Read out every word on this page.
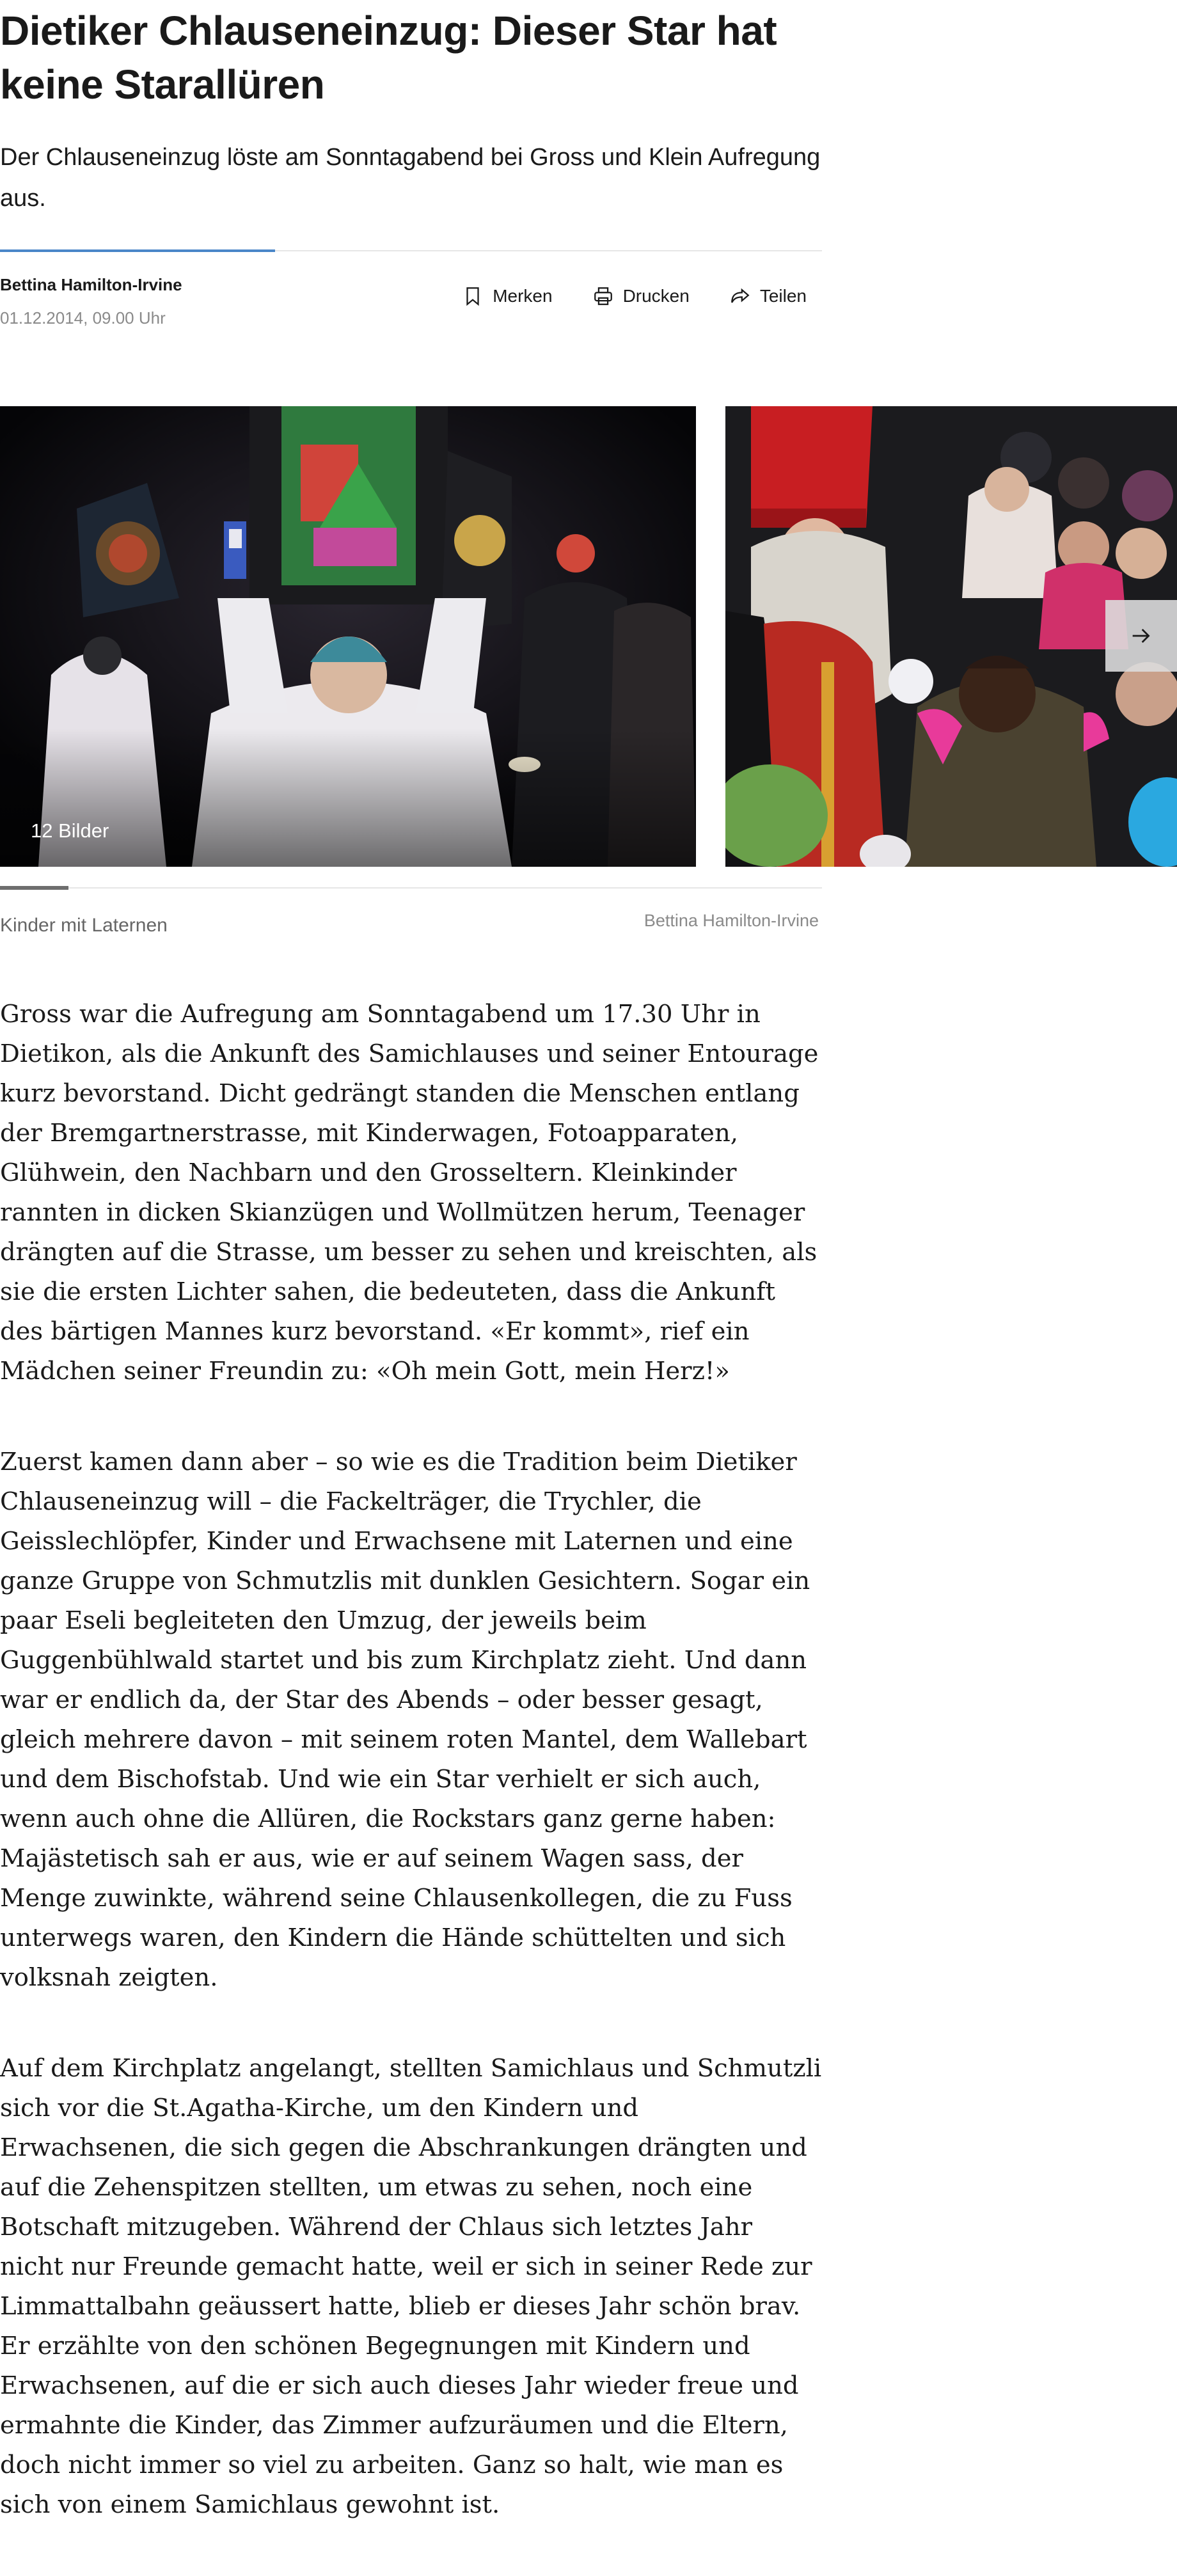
Dietiker Chlauseneinzug: Dieser Star hat keine Starallüren

Der Chlauseneinzug löste am Sonntagabend bei Gross und Klein Aufregung aus.

Bettina Hamilton-Irvine
01.12.2014, 09.00 Uhr
Merken	Drucken	Teilen
12 Bilder
Kinder mit Laternen	Bettina Hamilton-Irvine

Gross war die Aufregung am Sonntagabend um 17.30 Uhr in Dietikon, als die Ankunft des Samichlauses und seiner Entourage kurz bevorstand. Dicht gedrängt standen die Menschen entlang der Bremgartnerstrasse, mit Kinderwagen, Fotoapparaten, Glühwein, den Nachbarn und den Grosseltern. Kleinkinder rannten in dicken Skianzügen und Wollmützen herum, Teenager drängten auf die Strasse, um besser zu sehen und kreischten, als sie die ersten Lichter sahen, die bedeuteten, dass die Ankunft des bärtigen Mannes kurz bevorstand. «Er kommt», rief ein Mädchen seiner Freundin zu: «Oh mein Gott, mein Herz!»

Zuerst kamen dann aber – so wie es die Tradition beim Dietiker Chlauseneinzug will – die Fackelträger, die Trychler, die Geisslechlöpfer, Kinder und Erwachsene mit Laternen und eine ganze Gruppe von Schmutzlis mit dunklen Gesichtern. Sogar ein paar Eseli begleiteten den Umzug, der jeweils beim Guggenbühlwald startet und bis zum Kirchplatz zieht. Und dann war er endlich da, der Star des Abends – oder besser gesagt, gleich mehrere davon – mit seinem roten Mantel, dem Wallebart und dem Bischofstab. Und wie ein Star verhielt er sich auch, wenn auch ohne die Allüren, die Rockstars ganz gerne haben: Majästetisch sah er aus, wie er auf seinem Wagen sass, der Menge zuwinkte, während seine Chlausenkollegen, die zu Fuss unterwegs waren, den Kindern die Hände schüttelten und sich volksnah zeigten.

Auf dem Kirchplatz angelangt, stellten Samichlaus und Schmutzli sich vor die St.Agatha-Kirche, um den Kindern und Erwachsenen, die sich gegen die Abschrankungen drängten und auf die Zehenspitzen stellten, um etwas zu sehen, noch eine Botschaft mitzugeben. Während der Chlaus sich letztes Jahr nicht nur Freunde gemacht hatte, weil er sich in seiner Rede zur Limmattalbahn geäussert hatte, blieb er dieses Jahr schön brav. Er erzählte von den schönen Begegnungen mit Kindern und Erwachsenen, auf die er sich auch dieses Jahr wieder freue und ermahnte die Kinder, das Zimmer aufzuräumen und die Eltern, doch nicht immer so viel zu arbeiten. Ganz so halt, wie man es sich von einem Samichlaus gewohnt ist.
